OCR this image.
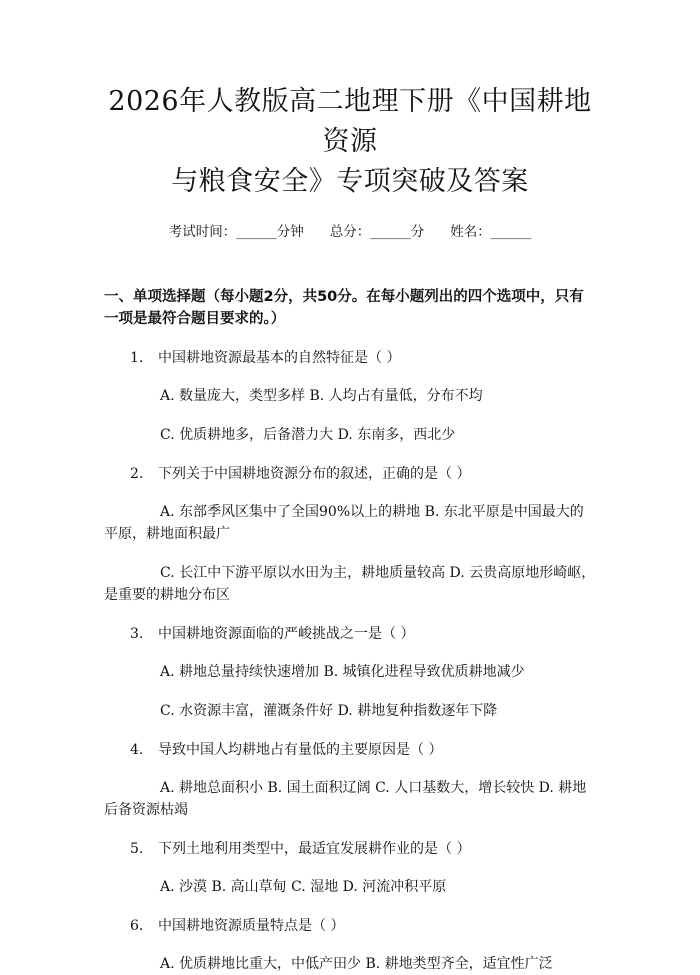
2026年人教版高二地理下册《中国耕地资源
与粮食安全》专项突破及答案
考试时间：______分钟 总分：______分 姓名：______
一、单项选择题（每小题2分，共50分。在每小题列出的四个选项中，只有一项是最符合题目要求的。）
1. 中国耕地资源最基本的自然特征是（ ）
A. 数量庞大，类型多样 B. 人均占有量低，分布不均
C. 优质耕地多，后备潜力大 D. 东南多，西北少
2. 下列关于中国耕地资源分布的叙述，正确的是（ ）
A. 东部季风区集中了全国90%以上的耕地 B. 东北平原是中国最大的平原，耕地面积最广
C. 长江中下游平原以水田为主，耕地质量较高 D. 云贵高原地形崎岖，是重要的耕地分布区
3. 中国耕地资源面临的严峻挑战之一是（ ）
A. 耕地总量持续快速增加 B. 城镇化进程导致优质耕地减少
C. 水资源丰富，灌溉条件好 D. 耕地复种指数逐年下降
4. 导致中国人均耕地占有量低的主要原因是（ ）
A. 耕地总面积小 B. 国土面积辽阔 C. 人口基数大，增长较快 D. 耕地后备资源枯竭
5. 下列土地利用类型中，最适宜发展耕作业的是（ ）
A. 沙漠 B. 高山草甸 C. 湿地 D. 河流冲积平原
6. 中国耕地资源质量特点是（ ）
A. 优质耕地比重大，中低产田少 B. 耕地类型齐全，适宜性广泛
